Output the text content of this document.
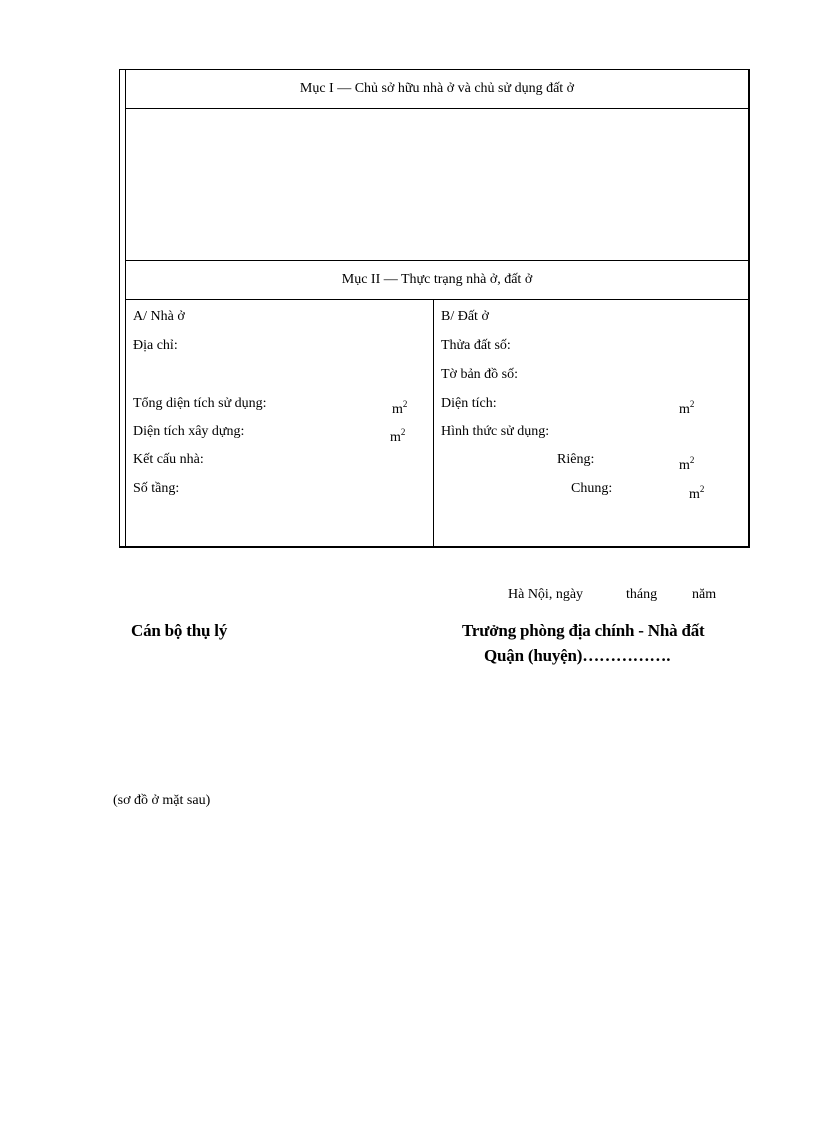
Mục I — Chủ sở hữu nhà ở và chủ sử dụng đất ở
Mục II — Thực trạng nhà ở, đất ở
A/ Nhà ở
Địa chỉ:
Tổng diện tích sử dụng:	$m^2$
Diện tích xây dựng:	$m^2$
Kết cấu nhà:
Số tầng:
B/ Đất ở
Thửa đất số:
Tờ bản đồ số:
Diện tích:	$m^2$
Hình thức sử dụng:
Riêng:	$m^2$
Chung:	$m^2$
Hà Nội, ngày	tháng năm
Cán bộ thụ lý	Trưởng phòng địa chính - Nhà đất
Quận (huyện)…………….
(sơ đồ ở mặt sau)
